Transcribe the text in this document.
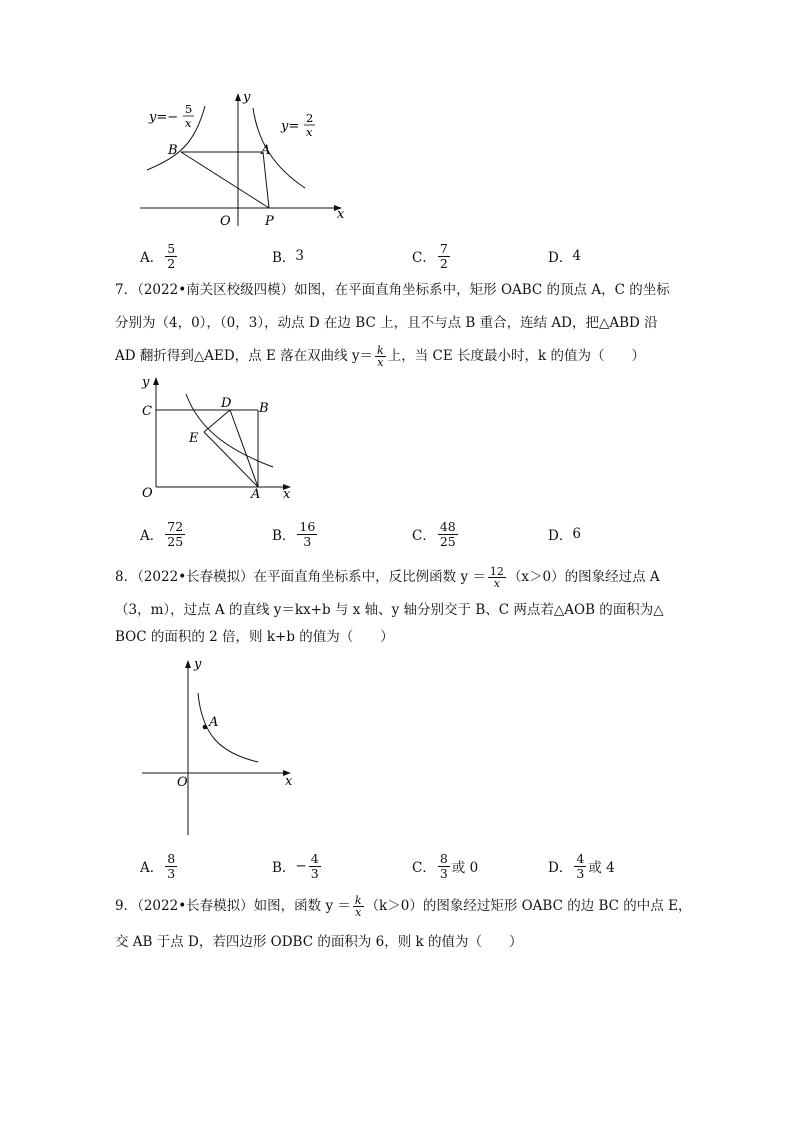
B	A
O	P	x
y
y=−
5
x	y=
2
x
A． $\frac{5}{2}$	B． 3	C． $\frac{7}{2}$	D． 4
7．（2022•南关区校级四模）如图，在平面直角坐标系中，矩形 OABC 的顶点 A，C 的坐标
分别为（4，0），（0，3），动点 D 在边 BC 上，且不与点 B 重合，连结 AD，把△ABD 沿
AD 翻折得到△AED，点 E 落在双曲线 $y= \frac{k}{x}$ 上，当 CE 长度最小时，k 的值为（　　）
y
C
D B
E
O	A x
A． $\frac{72}{25}$	B． $\frac{16}{3}$	C． $\frac{48}{25}$	D． 6
8．（2022•长春模拟）在平面直角坐标系中，反比例函数 $y = \frac{12}{x} (x>0)$的图象经过点 A
（3，m），过点 A 的直线 y＝kx+b 与 x 轴、y 轴分别交于 B、C 两点若△AOB 的面积为△
BOC 的面积的 2 倍，则 k+b 的值为（　　）
A
y
O	x
A． $\frac{8}{3}$	B． − $\frac{4}{3}$	C． $\frac{8}{3}$ 或 0	D． $\frac{4}{3}$ 或 4
9．（2022•长春模拟）如图，函数 $y = \frac{k}{x} (k>0)$的图象经过矩形 OABC 的边 BC 的中点 E，
交 AB 于点 D，若四边形 ODBC 的面积为 6，则 k 的值为（　　）
